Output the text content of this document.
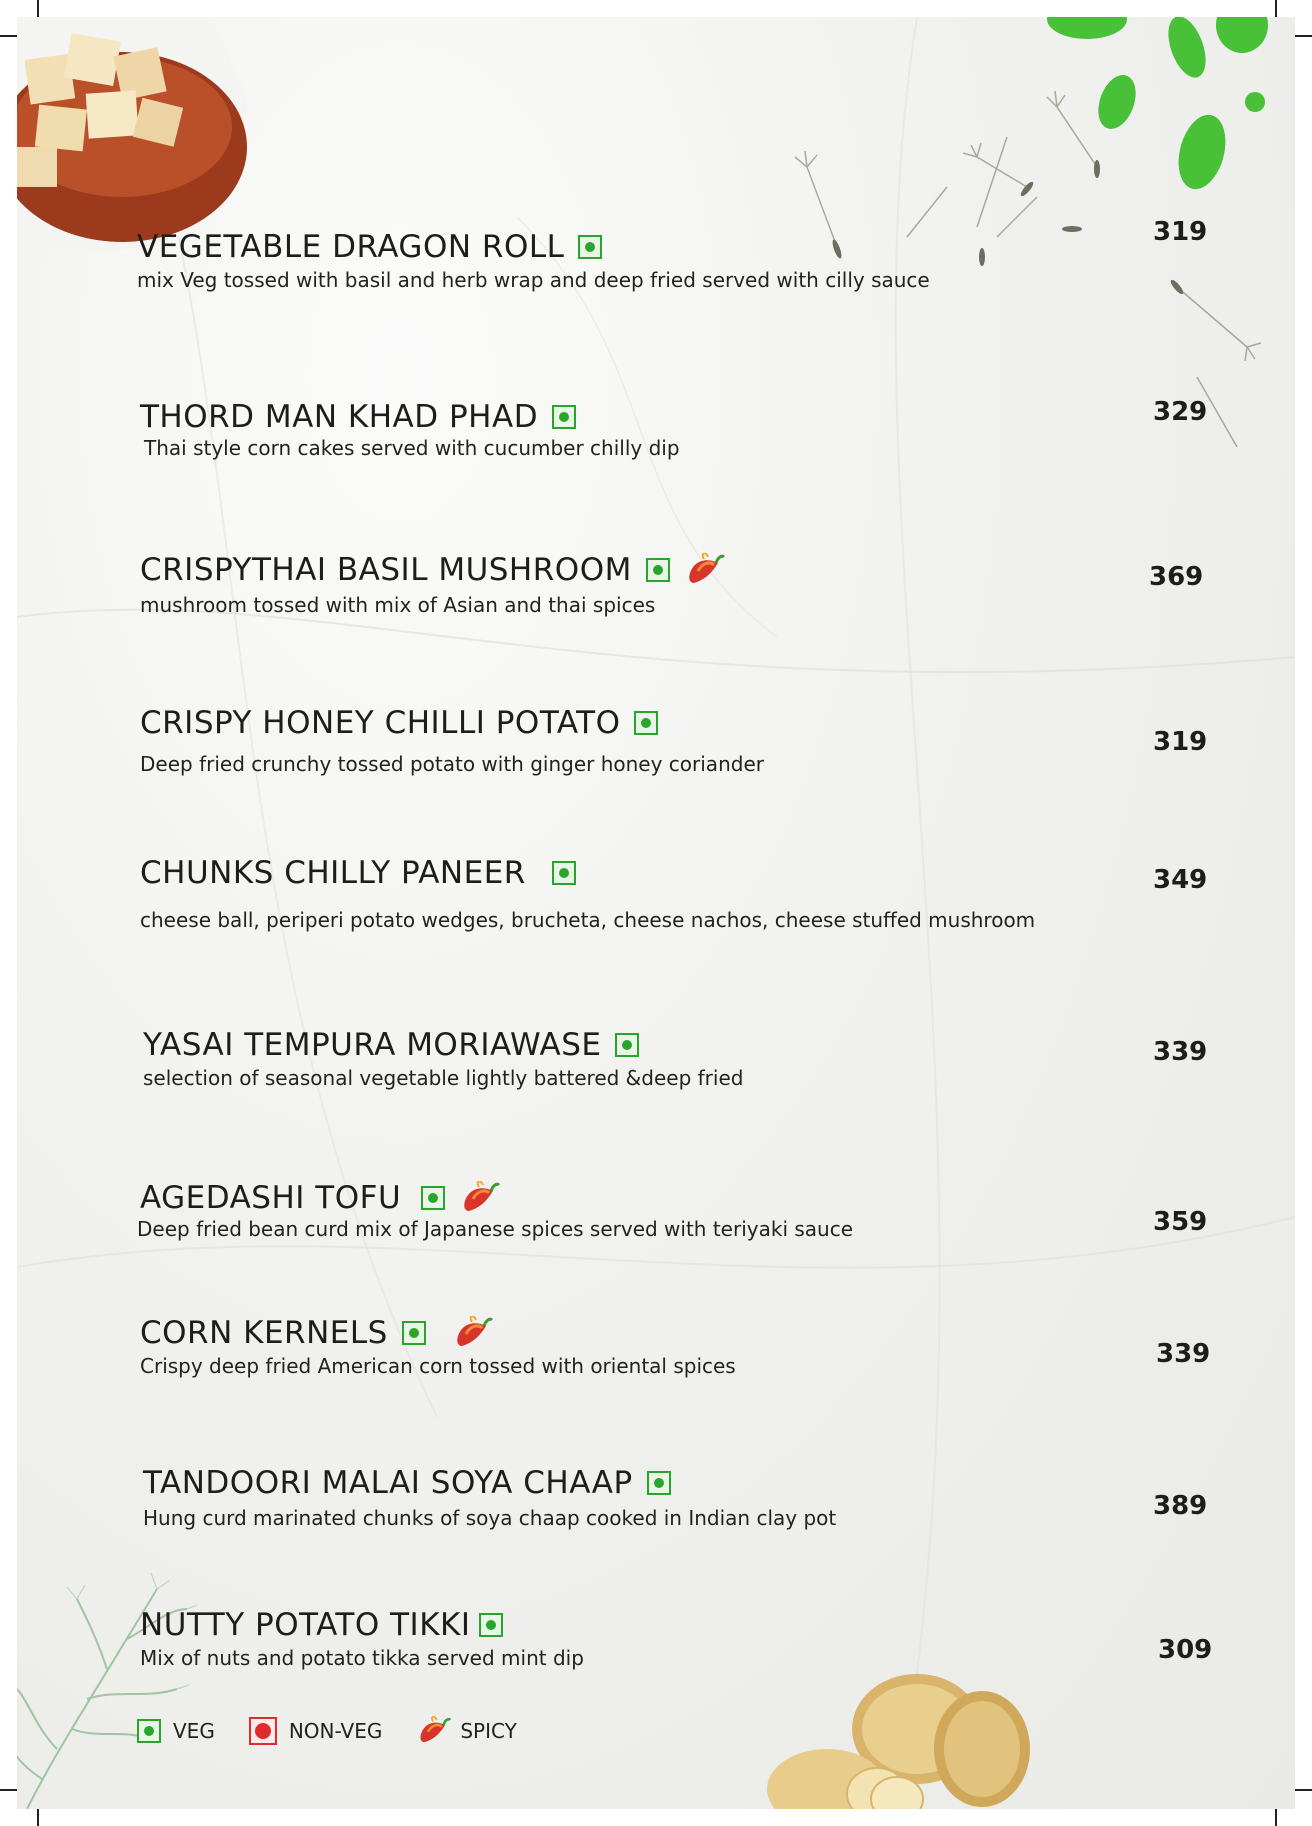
VEGETABLE DRAGON ROLL
mix Veg tossed with basil and herb wrap and deep fried served with cilly sauce
319
THORD MAN KHAD PHAD
Thai style corn cakes served with cucumber chilly dip
329
CRISPYTHAI BASIL MUSHROOM
mushroom tossed with mix of Asian and thai spices
369
CRISPY HONEY CHILLI POTATO
Deep fried crunchy tossed potato with ginger honey coriander
319
CHUNKS CHILLY PANEER
cheese ball, periperi potato wedges, brucheta, cheese nachos, cheese stuffed mushroom
349
YASAI TEMPURA MORIAWASE
selection of seasonal vegetable lightly battered &deep fried
339
AGEDASHI TOFU
Deep fried bean curd mix of Japanese spices served with teriyaki sauce	359
CORN KERNELS
Crispy deep fried American corn tossed with oriental spices	339
TANDOORI MALAI SOYA CHAAP
Hung curd marinated chunks of soya chaap cooked in Indian clay pot	389
NUTTY POTATO TIKKI
Mix of nuts and potato tikka served mint dip	309
VEG	NON-VEG	SPICY
